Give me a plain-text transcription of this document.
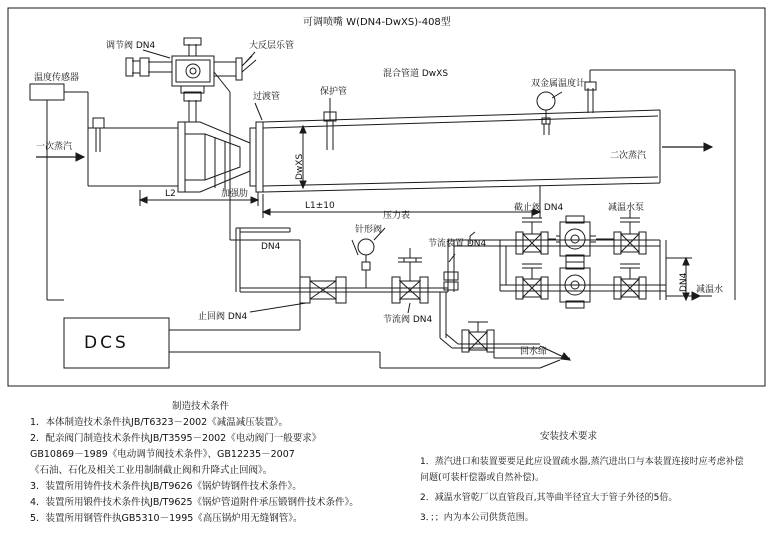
可调喷嘴 W(DN4-DwXS)-408型
调节阀 DN4	大反层乐管
温度传感器	混合管道 DwXS
双金属温度计
过渡管	保护管
一次蒸汽
二次蒸汽
L2	加强肋
L1±10
压力表
针形阀
截止阀 DN4	减温水泵
DN4	节流装置 DN4
止回阀 DN4	节流阀 DN4
减温水
回水缔
DCS
DwXS
DN4
制造技术条件
1．本体制造技术条件执JB/T6323－2002《减温减压装置》。
2．配亲阀门制造技术条件执JB/T3595－2002《电动阀门一般要求》
GB10869－1989《电动调节阀技术条件》、GB12235－2007
《石油、石化及相关工业用制制截止阀和升降式止回阀》。
3．装置所用铸件技术条件执JB/T9626《锅炉铸钢件技术条件》。
4．装置所用锻件技术条件执JB/T9625《锅炉管道附件承压锻钢件技术条件》。
5．装置所用钢管件执GB5310－1995《高压锅炉用无缝钢管》。
安装技术要求
1．蒸汽进口和装置要要足此应设置疏水器,蒸汽进出口与本装置连接时应考虑补偿
问题(可装杆偿器或自然补偿)。
2．减温水管乾厂以直管段百,其等曲半径宜大于管子外径的5倍。
3．；；内为本公司供货范围。
